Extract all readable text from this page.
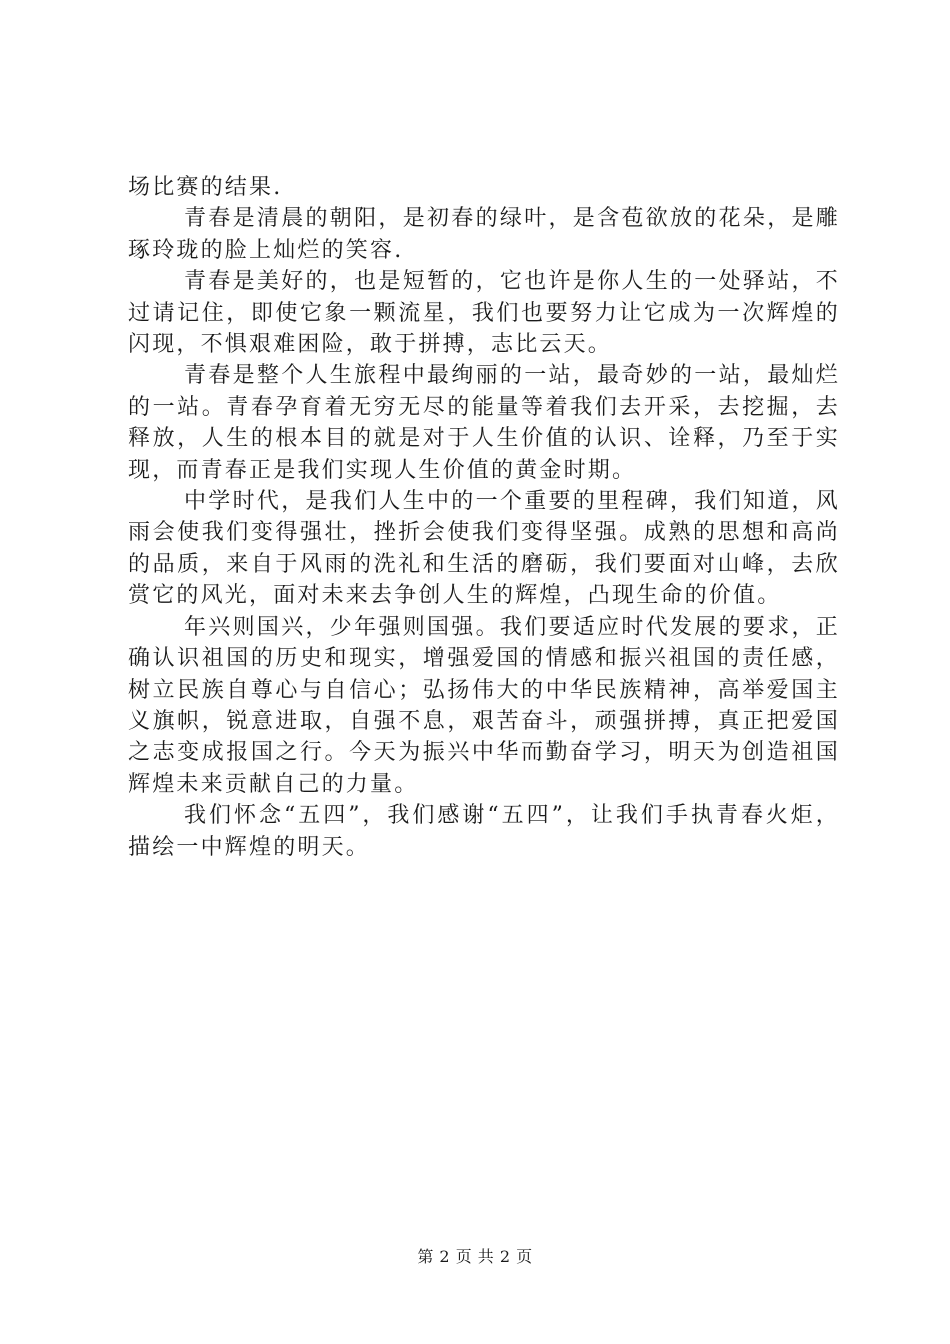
场比赛的结果.

青春是清晨的朝阳，是初春的绿叶，是含苞欲放的花朵，是雕琢玲珑的脸上灿烂的笑容.

青春是美好的，也是短暂的，它也许是你人生的一处驿站，不过请记住，即使它象一颗流星，我们也要努力让它成为一次辉煌的闪现，不惧艰难困险，敢于拼搏，志比云天。

青春是整个人生旅程中最绚丽的一站，最奇妙的一站，最灿烂的一站。青春孕育着无穷无尽的能量等着我们去开采，去挖掘，去释放，人生的根本目的就是对于人生价值的认识、诠释，乃至于实现，而青春正是我们实现人生价值的黄金时期。

中学时代，是我们人生中的一个重要的里程碑，我们知道，风雨会使我们变得强壮，挫折会使我们变得坚强。成熟的思想和高尚的品质，来自于风雨的洗礼和生活的磨砺，我们要面对山峰，去欣赏它的风光，面对未来去争创人生的辉煌，凸现生命的价值。

年兴则国兴，少年强则国强。我们要适应时代发展的要求，正确认识祖国的历史和现实，增强爱国的情感和振兴祖国的责任感，树立民族自尊心与自信心；弘扬伟大的中华民族精神，高举爱国主义旗帜，锐意进取，自强不息，艰苦奋斗，顽强拼搏，真正把爱国之志变成报国之行。今天为振兴中华而勤奋学习，明天为创造祖国辉煌未来贡献自己的力量。

我们怀念“五四”，我们感谢“五四”，让我们手执青春火炬，描绘一中辉煌的明天。

第 2 页 共 2 页
